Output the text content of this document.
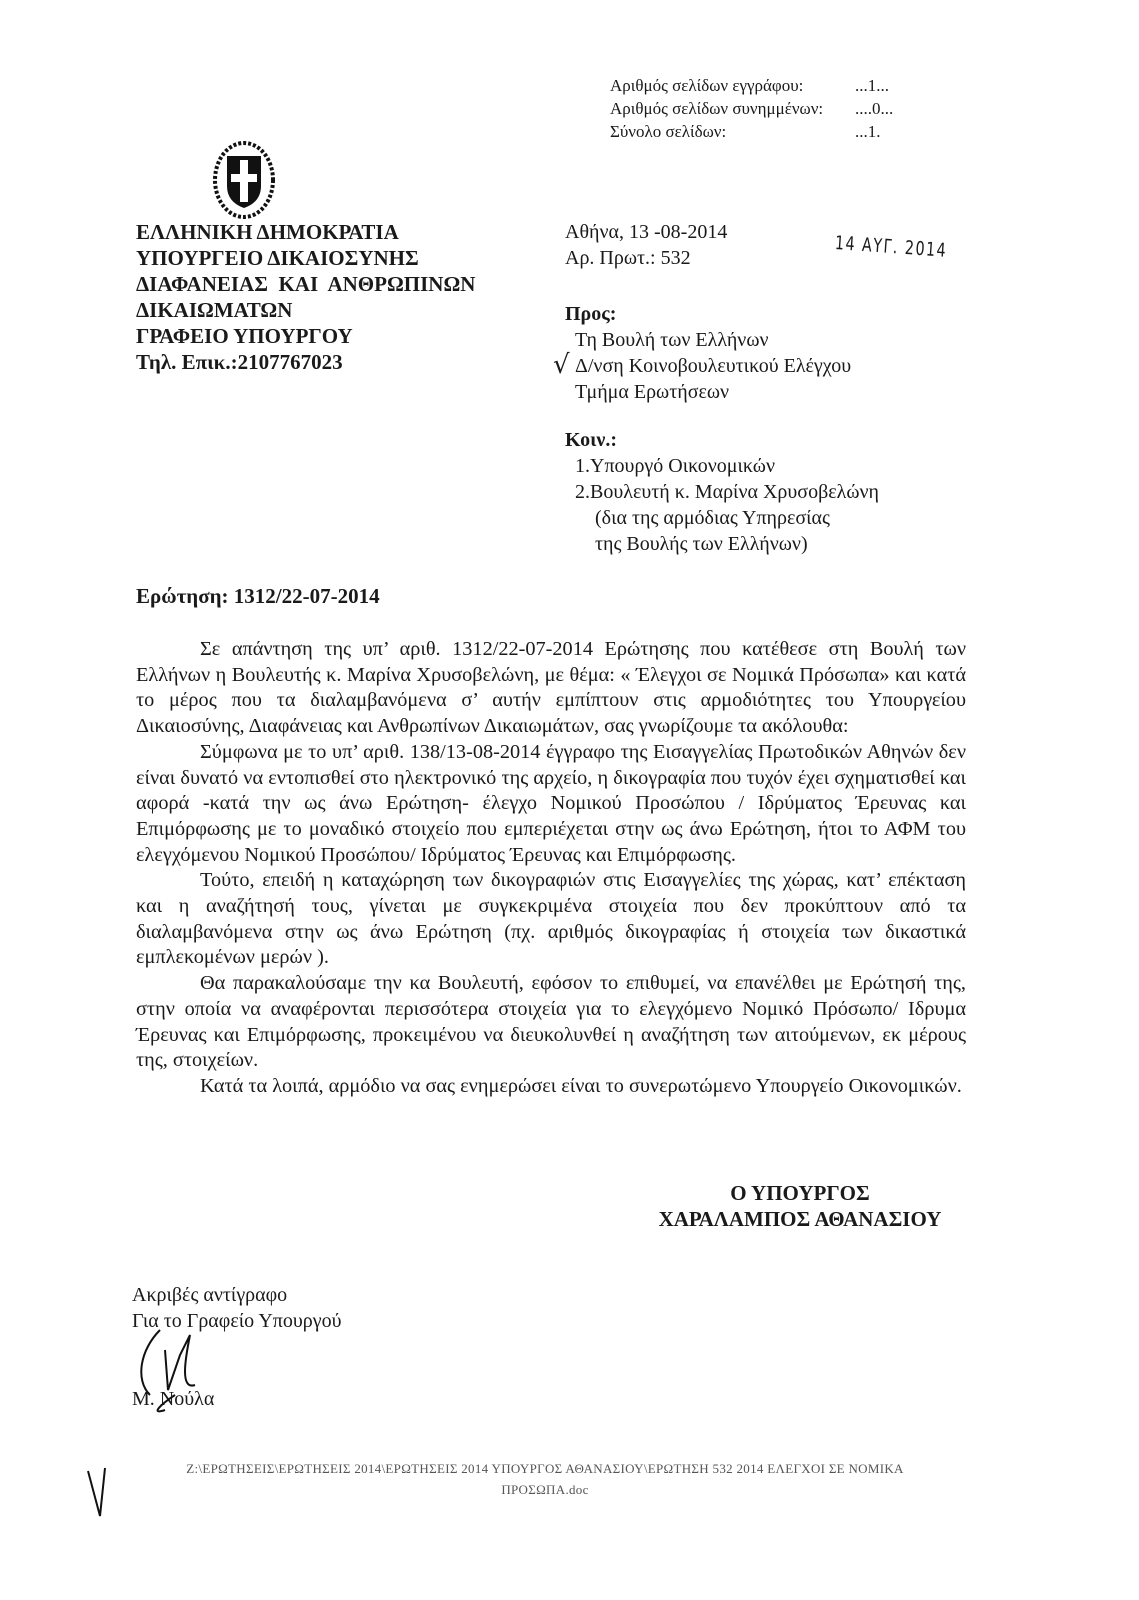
Αριθμός σελίδων εγγράφου:	...1...
Αριθμός σελίδων συνημμένων:	....0...
Σύνολο σελίδων:	...1.
ΕΛΛΗΝΙΚΗ ΔΗΜΟΚΡΑΤΙΑ
ΥΠΟΥΡΓΕΙΟ ΔΙΚΑΙΟΣΥΝΗΣ
ΔΙΑΦΑΝΕΙΑΣ  ΚΑΙ  ΑΝΘΡΩΠΙΝΩΝ
ΔΙΚΑΙΩΜΑΤΩΝ
ΓΡΑΦΕΙΟ ΥΠΟΥΡΓΟΥ
Τηλ. Επικ.:2107767023
Αθήνα, 13 -08-2014
Αρ. Πρωτ.: 532	14 ΑΥΓ. 2014
Προς:
Τη Βουλή των Ελλήνων
Δ/νση Κοινοβουλευτικού Ελέγχου
Τμήμα Ερωτήσεων
√
Κοιν.:
1.Υπουργό Οικονομικών
2.Βουλευτή κ. Μαρίνα Χρυσοβελώνη
(δια της αρμόδιας Υπηρεσίας
της Βουλής των Ελλήνων)
Ερώτηση: 1312/22-07-2014

Σε απάντηση της υπ’ αριθ. 1312/22-07-2014 Ερώτησης που κατέθεσε στη Βουλή των Ελλήνων η Βουλευτής κ. Μαρίνα Χρυσοβελώνη, με θέμα: « Έλεγχοι σε Νομικά Πρόσωπα» και κατά το μέρος που τα διαλαμβανόμενα σ’ αυτήν εμπίπτουν στις αρμοδιότητες του Υπουργείου Δικαιοσύνης, Διαφάνειας και Ανθρωπίνων Δικαιωμάτων, σας γνωρίζουμε τα ακόλουθα:

Σύμφωνα με το υπ’ αριθ. 138/13-08-2014 έγγραφο της Εισαγγελίας Πρωτοδικών Αθηνών δεν είναι δυνατό να εντοπισθεί στο ηλεκτρονικό της αρχείο, η δικογραφία που τυχόν έχει σχηματισθεί και αφορά -κατά την ως άνω Ερώτηση- έλεγχο Νομικού Προσώπου / Ιδρύματος Έρευνας και Επιμόρφωσης με το μοναδικό στοιχείο που εμπεριέχεται στην ως άνω Ερώτηση, ήτοι το ΑΦΜ του ελεγχόμενου Νομικού Προσώπου/ Ιδρύματος Έρευνας και Επιμόρφωσης.

Τούτο, επειδή η καταχώρηση των δικογραφιών στις Εισαγγελίες της χώρας, κατ’ επέκταση και η αναζήτησή τους, γίνεται με συγκεκριμένα στοιχεία που δεν προκύπτουν από τα διαλαμβανόμενα στην ως άνω Ερώτηση (πχ. αριθμός δικογραφίας ή στοιχεία των δικαστικά εμπλεκομένων μερών ).

Θα παρακαλούσαμε την κα Βουλευτή, εφόσον το επιθυμεί, να επανέλθει με Ερώτησή της, στην οποία να αναφέρονται περισσότερα στοιχεία για το ελεγχόμενο Νομικό Πρόσωπο/ Ιδρυμα Έρευνας και Επιμόρφωσης, προκειμένου να διευκολυνθεί η αναζήτηση των αιτούμενων, εκ μέρους της, στοιχείων.

Κατά τα λοιπά, αρμόδιο να σας ενημερώσει είναι το συνερωτώμενο Υπουργείο Οικονομικών.

Ο ΥΠΟΥΡΓΟΣ
ΧΑΡΑΛΑΜΠΟΣ ΑΘΑΝΑΣΙΟΥ
Ακριβές αντίγραφο
Για το Γραφείο Υπουργού
Μ. Νούλα
Ζ:\ΕΡΩΤΗΣΕΙΣ\ΕΡΩΤΗΣΕΙΣ 2014\ΕΡΩΤΗΣΕΙΣ 2014 ΥΠΟΥΡΓΟΣ ΑΘΑΝΑΣΙΟΥ\ΕΡΩΤΗΣΗ 532 2014 ΕΛΕΓΧΟΙ ΣΕ ΝΟΜΙΚΑ
ΠΡΟΣΩΠΑ.doc
